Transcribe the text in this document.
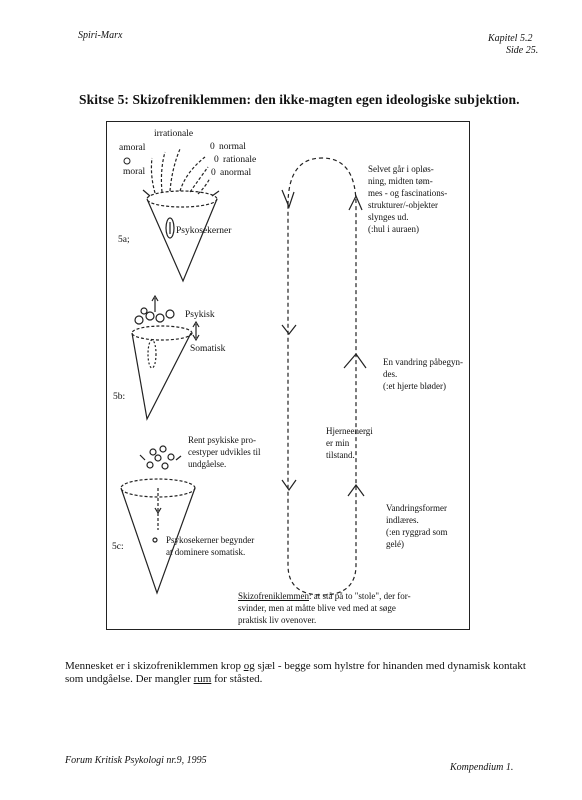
Spiri-Marx	Kapitel 5.2
Side 25.
Skitse 5: Skizofreniklemmen: den ikke-magten egen ideologiske subjektion.
5a;
5b:
5c:
irrationale
amoral
moral
0 normal
0 rationale
0 anormal
Psykosekerner
Psykisk
Somatisk
Rent psykiske pro-
cestyper udvikles til
undgåelse.
Psykosekerner begynder
at dominere somatisk.
Selvet går i opløs-
ning, midten tøm-
mes - og fascinations-
strukturer/-objekter
slynges ud.
(:hul i auraen)
En vandring påbegyn-
des.
(:et hjerte bløder)
Hjerneenergi
er min
tilstand.
Vandringsformer
indlæres.
(:en ryggrad som
gelé)
Skizofreniklemmen: at stå på to "stole", der for-
svinder, men at måtte blive ved med at søge
praktisk liv ovenover.
Mennesket er i skizofreniklemmen krop og sjæl - begge som hylstre for hinanden med dynamisk kontakt som undgåelse. Der mangler rum for ståsted.
Forum Kritisk Psykologi nr.9, 1995
Kompendium 1.
